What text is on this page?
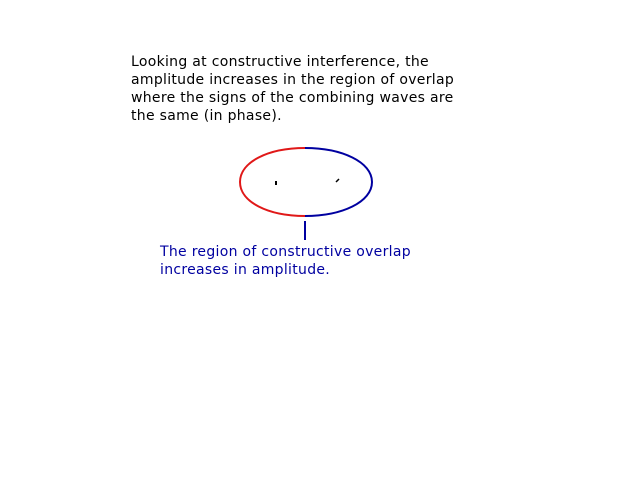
Looking at constructive interference, the
amplitude increases in the region of overlap
where the signs of the combining waves are
the same (in phase).
The region of constructive overlap
increases in amplitude.
